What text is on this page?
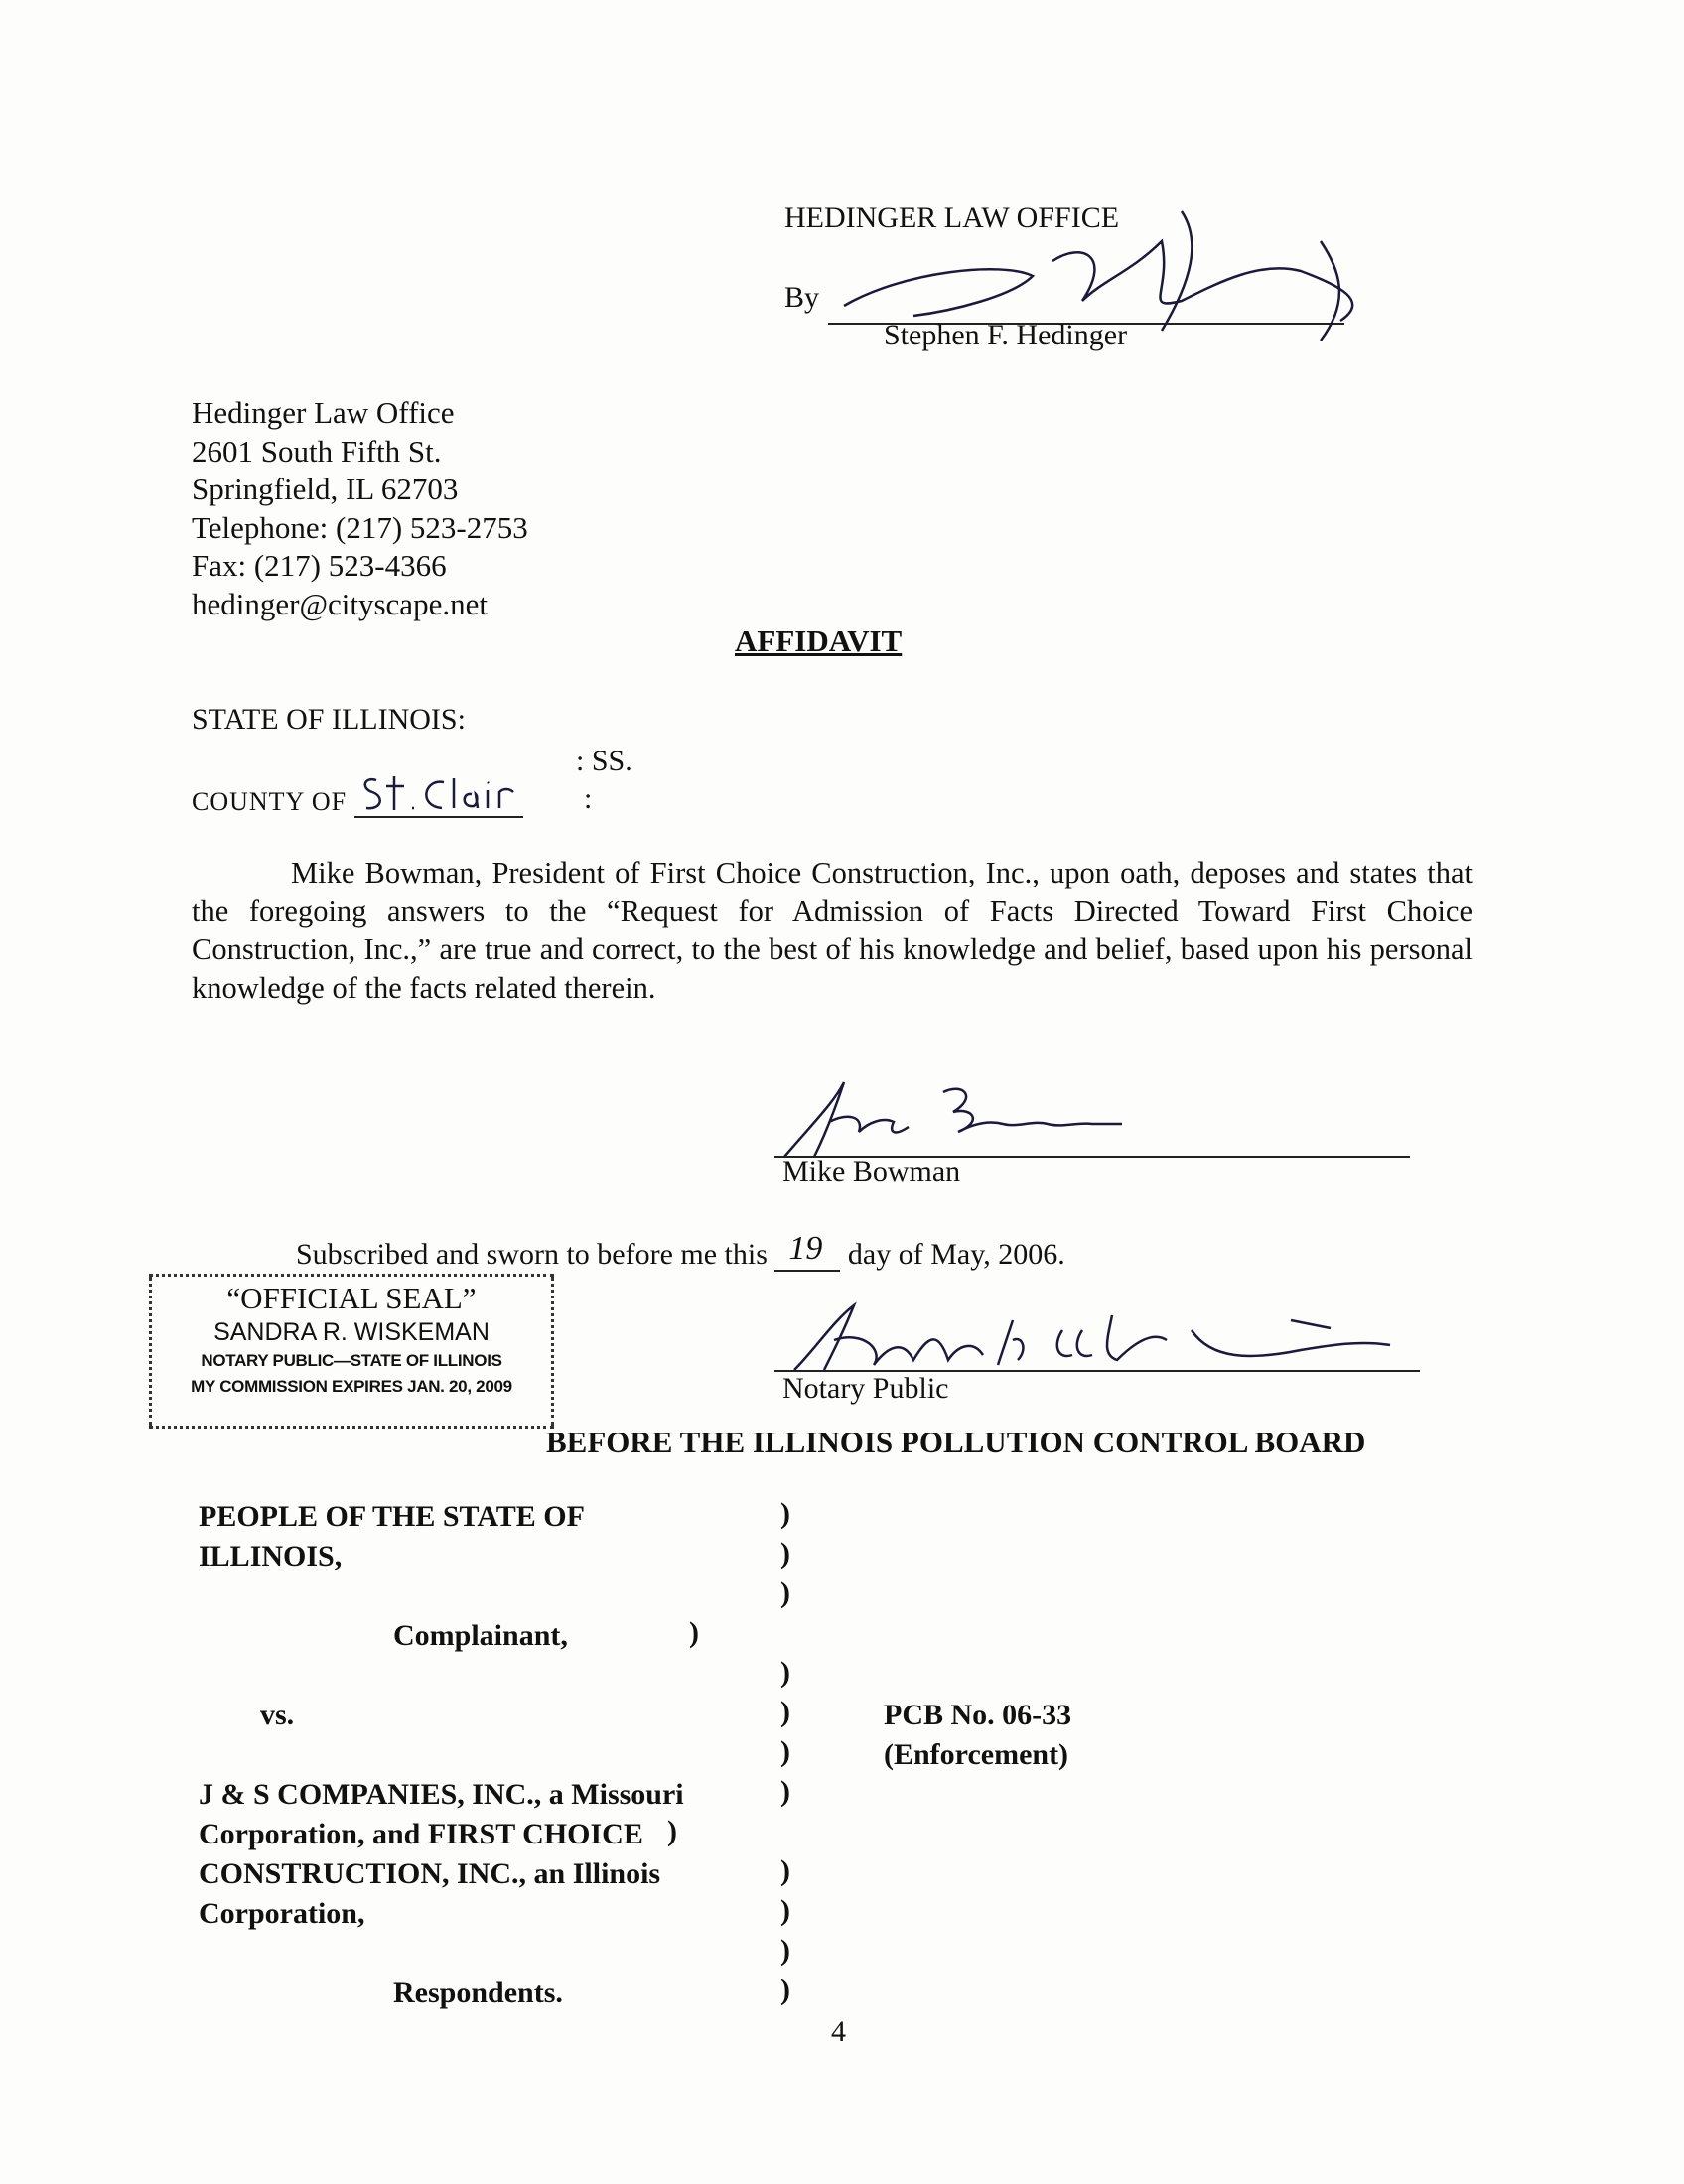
HEDINGER LAW OFFICE
By
Stephen F. Hedinger
Hedinger Law Office
2601 South Fifth St.
Springfield, IL 62703
Telephone: (217) 523-2753
Fax: (217) 523-4366
hedinger@cityscape.net
AFFIDAVIT
STATE OF ILLINOIS:
: SS.
COUNTY OF	:

Mike Bowman, President of First Choice Construction, Inc., upon oath, deposes and states that the foregoing answers to the “Request for Admission of Facts Directed Toward First Choice Construction, Inc.,” are true and correct, to the best of his knowledge and belief, based upon his personal knowledge of the facts related therein.

Mike Bowman
Subscribed and sworn to before me this 19 day of May, 2006.
“OFFICIAL SEAL”
SANDRA R. WISKEMAN
NOTARY PUBLIC—STATE OF ILLINOIS
MY COMMISSION EXPIRES JAN. 20, 2009	Notary Public
BEFORE THE ILLINOIS POLLUTION CONTROL BOARD
PEOPLE OF THE STATE OF
ILLINOIS,
Complainant,
vs.
J & S COMPANIES, INC., a Missouri
Corporation, and FIRST CHOICE
CONSTRUCTION, INC., an Illinois
Corporation,
Respondents.
)
)
)
)
)
)
)
)
)
)
)
)
)
PCB No. 06-33
(Enforcement)
4
